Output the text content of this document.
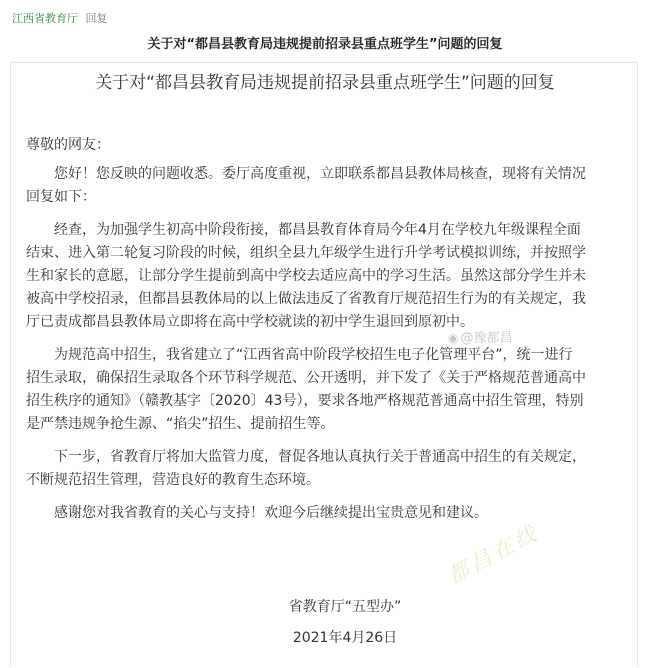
江西省教育厅 回复
关于对“都昌县教育局违规提前招录县重点班学生”问题的回复
关于对“都昌县教育局违规提前招录县重点班学生”问题的回复

尊敬的网友：

您好！您反映的问题收悉。委厅高度重视，立即联系都昌县教体局核查，现将有关情况回复如下：

经查，为加强学生初高中阶段衔接，都昌县教育体育局今年4月在学校九年级课程全面结束、进入第二轮复习阶段的时候，组织全县九年级学生进行升学考试模拟训练，并按照学生和家长的意愿，让部分学生提前到高中学校去适应高中的学习生活。虽然这部分学生并未被高中学校招录，但都昌县教体局的以上做法违反了省教育厅规范招生行为的有关规定，我厅已责成都昌县教体局立即将在高中学校就读的初中学生退回到原初中。

为规范高中招生，我省建立了“江西省高中阶段学校招生电子化管理平台”，统一进行招生录取，确保招生录取各个环节科学规范、公开透明，并下发了《关于严格规范普通高中招生秩序的通知》（赣教基字〔2020〕43号），要求各地严格规范普通高中招生管理，特别是严禁违规争抢生源、“掐尖”招生、提前招生等。

下一步，省教育厅将加大监管力度，督促各地认真执行关于普通高中招生的有关规定，不断规范招生管理，营造良好的教育生态环境。

感谢您对我省教育的关心与支持！欢迎今后继续提出宝贵意见和建议。

省教育厅“五型办”
2021年4月26日
◉ @豫都昌
都昌在线
